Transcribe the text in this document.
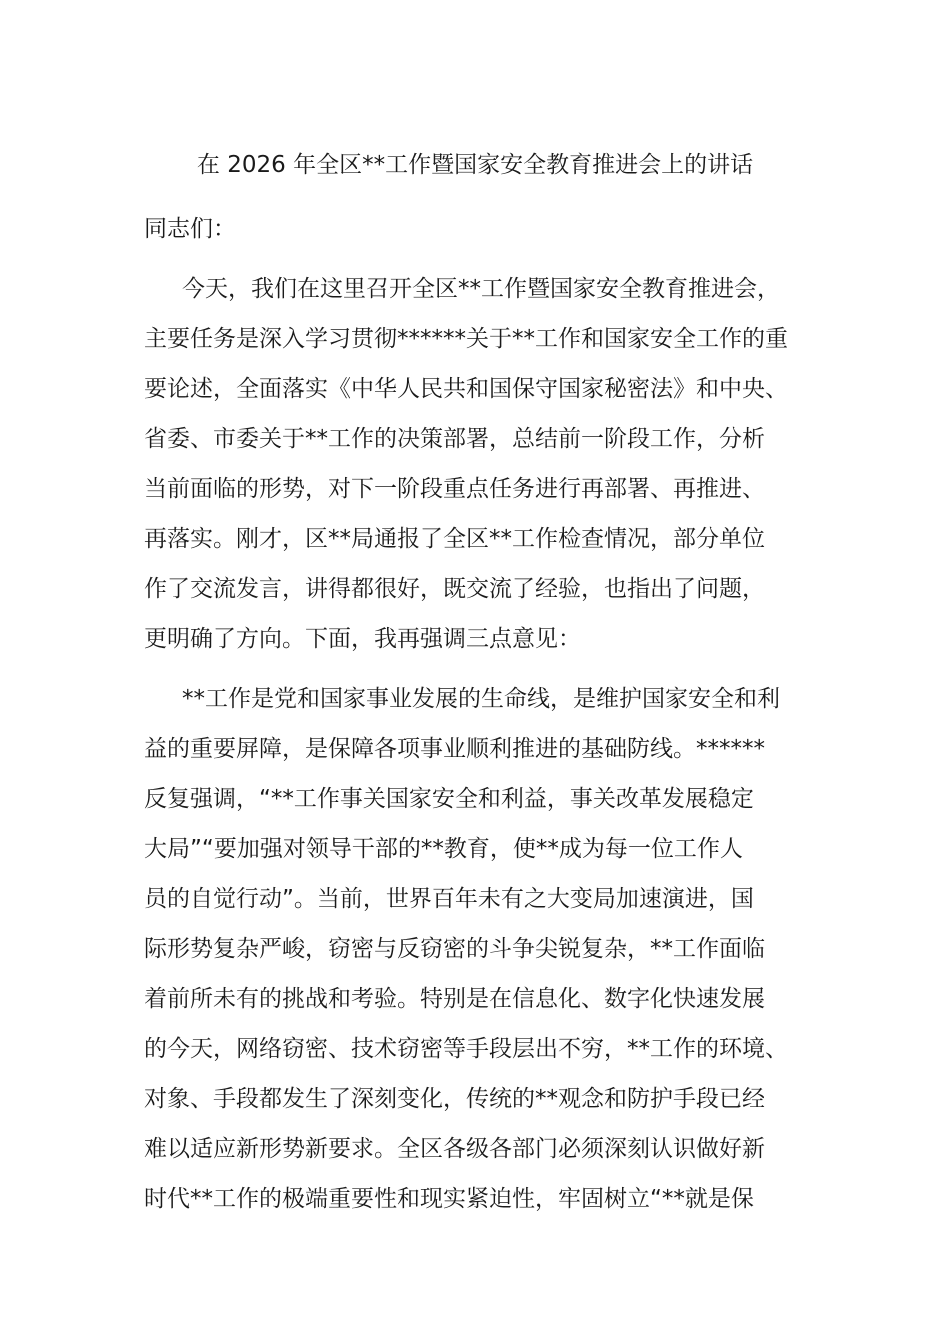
在 2026 年全区**工作暨国家安全教育推进会上的讲话
同志们：
今天，我们在这里召开全区**工作暨国家安全教育推进会，
主要任务是深入学习贯彻******关于**工作和国家安全工作的重
要论述，全面落实《中华人民共和国保守国家秘密法》和中央、
省委、市委关于**工作的决策部署，总结前一阶段工作，分析
当前面临的形势，对下一阶段重点任务进行再部署、再推进、
再落实。刚才，区**局通报了全区**工作检查情况，部分单位
作了交流发言，讲得都很好，既交流了经验，也指出了问题，
更明确了方向。下面，我再强调三点意见：
**工作是党和国家事业发展的生命线，是维护国家安全和利
益的重要屏障，是保障各项事业顺利推进的基础防线。******
反复强调，“**工作事关国家安全和利益，事关改革发展稳定
大局”“要加强对领导干部的**教育，使**成为每一位工作人
员的自觉行动”。当前，世界百年未有之大变局加速演进，国
际形势复杂严峻，窃密与反窃密的斗争尖锐复杂，**工作面临
着前所未有的挑战和考验。特别是在信息化、数字化快速发展
的今天，网络窃密、技术窃密等手段层出不穷，**工作的环境、
对象、手段都发生了深刻变化，传统的**观念和防护手段已经
难以适应新形势新要求。全区各级各部门必须深刻认识做好新
时代**工作的极端重要性和现实紧迫性，牢固树立“**就是保
